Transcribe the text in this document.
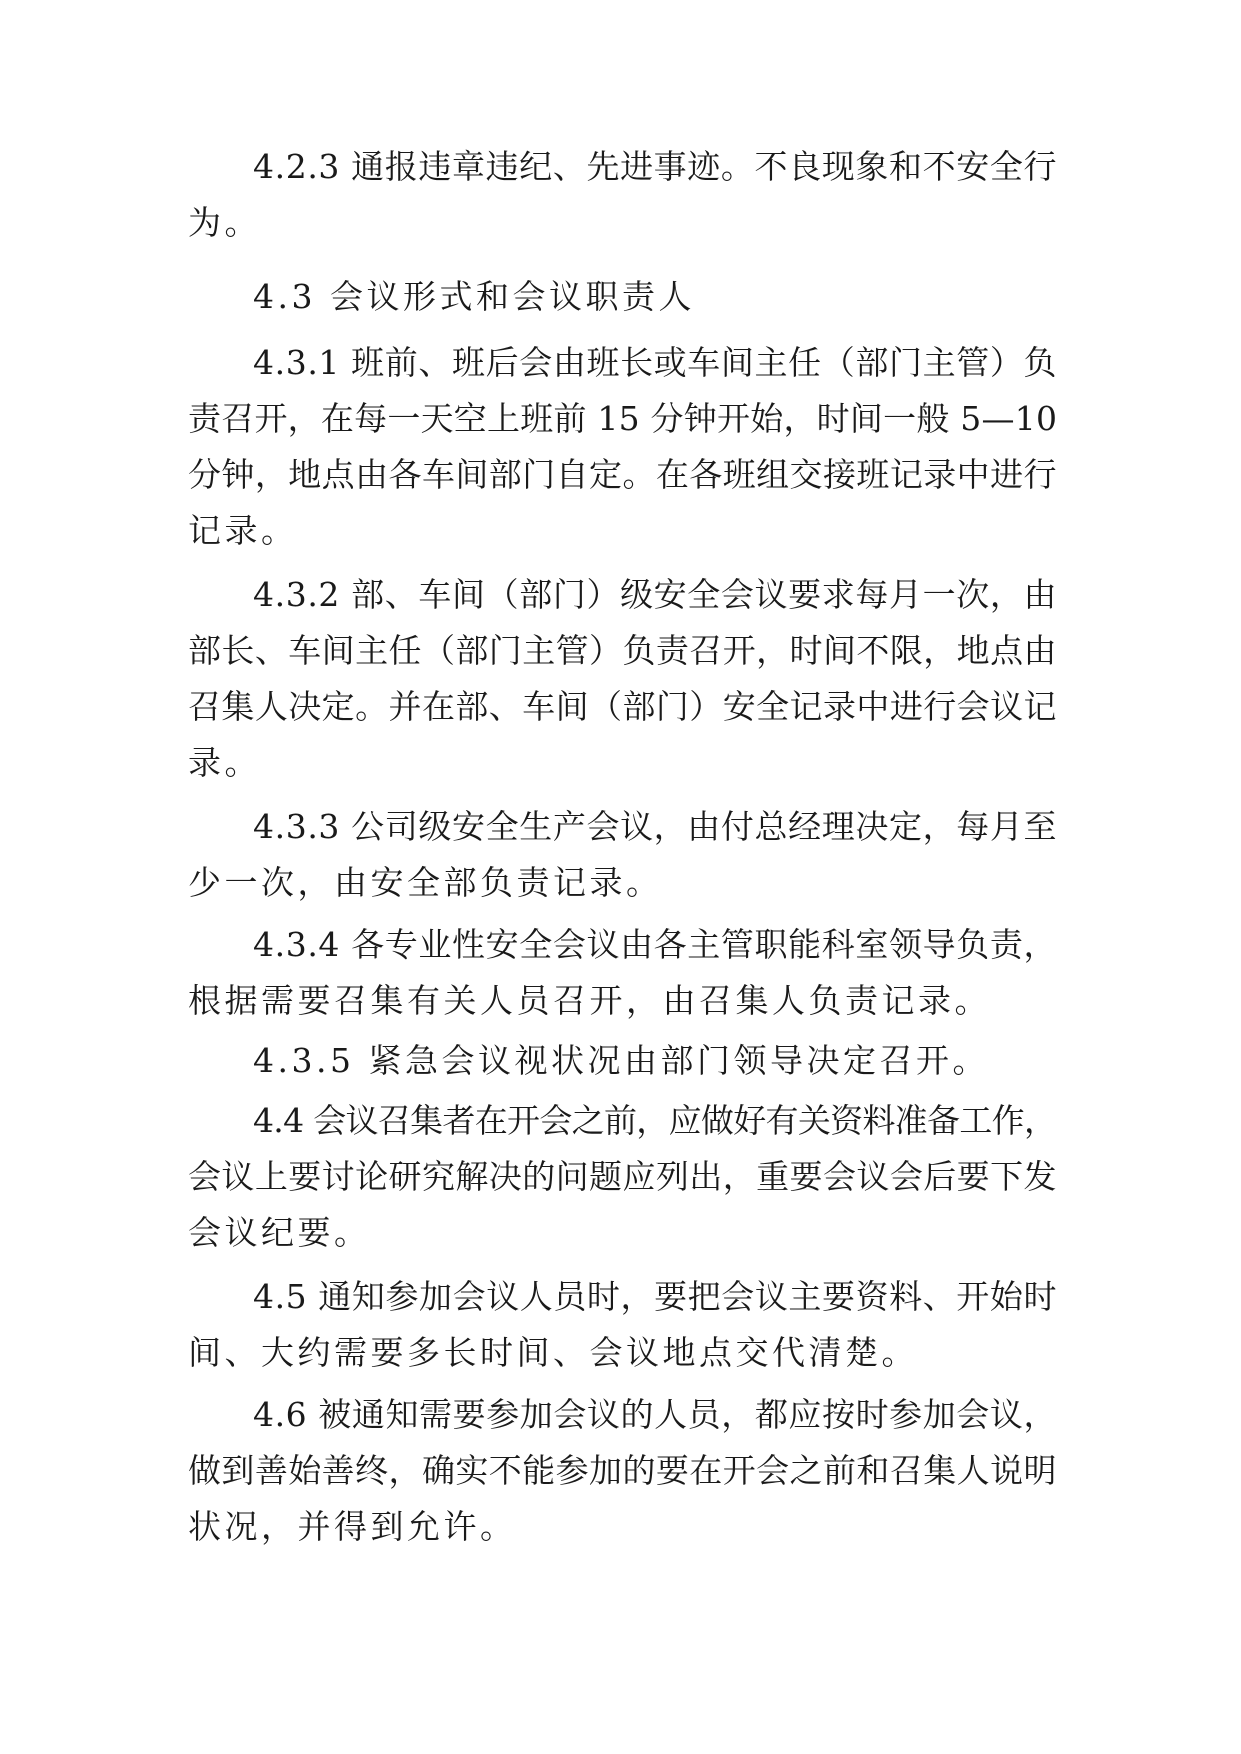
4.2.3 通报违章违纪、先进事迹。不良现象和不安全行
为。
4.3 会议形式和会议职责人
4.3.1 班前、班后会由班长或车间主任（部门主管）负
责召开，在每一天空上班前 15 分钟开始，时间一般 5—10
分钟，地点由各车间部门自定。在各班组交接班记录中进行
记录。
4.3.2 部、车间（部门）级安全会议要求每月一次，由
部长、车间主任（部门主管）负责召开，时间不限，地点由
召集人决定。并在部、车间（部门）安全记录中进行会议记
录。
4.3.3 公司级安全生产会议，由付总经理决定，每月至
少一次，由安全部负责记录。
4.3.4 各专业性安全会议由各主管职能科室领导负责，
根据需要召集有关人员召开，由召集人负责记录。
4.3.5 紧急会议视状况由部门领导决定召开。
4.4 会议召集者在开会之前，应做好有关资料准备工作，
会议上要讨论研究解决的问题应列出，重要会议会后要下发
会议纪要。
4.5 通知参加会议人员时，要把会议主要资料、开始时
间、大约需要多长时间、会议地点交代清楚。
4.6 被通知需要参加会议的人员，都应按时参加会议，
做到善始善终，确实不能参加的要在开会之前和召集人说明
状况，并得到允许。
